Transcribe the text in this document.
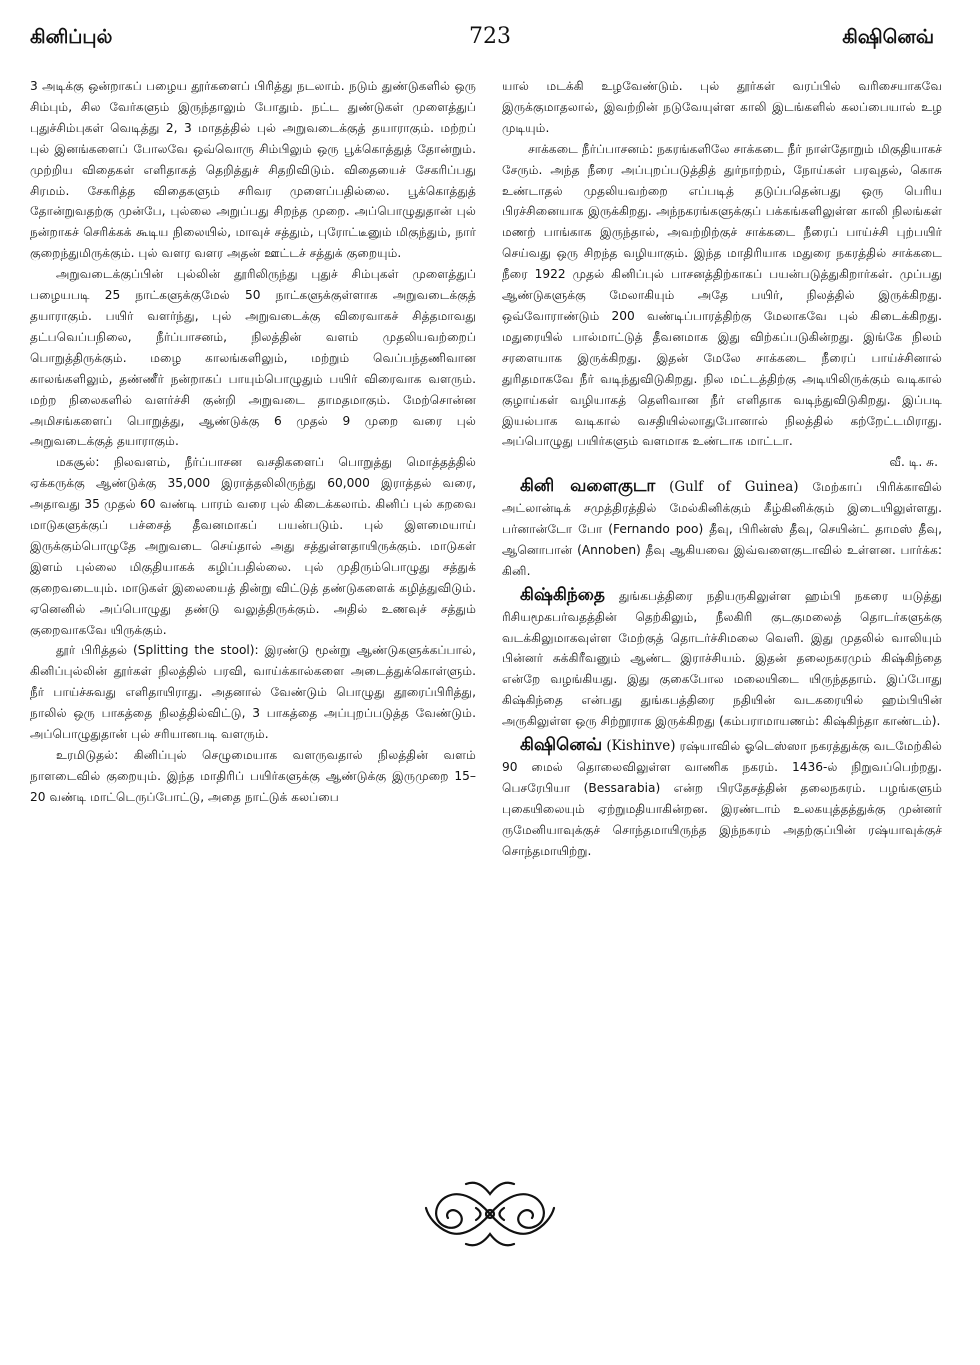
கினிப்புல்	723	கிஷினெவ்

3 அடிக்கு ஒன்றாகப் பழைய தூர்களைப் பிரித்து நடலாம். நடும் துண்டுகளில் ஒரு சிம்பும், சில வேர்களும் இருந்தாலும் போதும். நட்ட துண்டுகள் முளைத்துப் புதுச்சிம்புகள் வெடித்து 2, 3 மாதத்தில் புல் அறுவடைக்குத் தயாராகும். மற்றப் புல் இனங்களைப் போலவே ஒவ்வொரு சிம்பிலும் ஒரு பூக்கொத்துத் தோன்றும். முற்றிய விதைகள் எளிதாகத் தெறித்துச் சிதறிவிடும். விதையைச் சேகரிப்பது சிரமம். சேகரித்த விதைகளும் சரிவர முளைப்பதில்லை. பூக்கொத்துத் தோன்றுவதற்கு முன்பே, புல்லை அறுப்பது சிறந்த முறை. அப்பொழுதுதான் புல் நன்றாகச் செரிக்கக் கூடிய நிலையில், மாவுச் சத்தும், புரோட்டீனும் மிகுந்தும், நார் குறைந்துமிருக்கும். புல் வளர வளர அதன் ஊட்டச் சத்துக் குறையும்.

அறுவடைக்குப்பின் புல்லின் தூரிலிருந்து புதுச் சிம்புகள் முளைத்துப் பழையபடி 25 நாட்களுக்குமேல் 50 நாட்களுக்குள்ளாக அறுவடைக்குத் தயாராகும். பயிர் வளர்ந்து, புல் அறுவடைக்கு விரைவாகச் சித்தமாவது தட்பவெப்பநிலை, நீர்ப்பாசனம், நிலத்தின் வளம் முதலியவற்றைப் பொறுத்திருக்கும். மழை காலங்களிலும், மற்றும் வெப்பந்தணிவான காலங்களிலும், தண்ணீர் நன்றாகப் பாயும்பொழுதும் பயிர் விரைவாக வளரும். மற்ற நிலைகளில் வளர்ச்சி குன்றி அறுவடை தாமதமாகும். மேற்சொன்ன அமிசங்களைப் பொறுத்து, ஆண்டுக்கு 6 முதல் 9 முறை வரை புல் அறுவடைக்குத் தயாராகும்.

மகசூல்: நிலவளம், நீர்ப்பாசன வசதிகளைப் பொறுத்து மொத்தத்தில் ஏக்கருக்கு ஆண்டுக்கு 35,000 இராத்தலிலிருந்து 60,000 இராத்தல் வரை, அதாவது 35 முதல் 60 வண்டி பாரம் வரை புல் கிடைக்கலாம். கினிப் புல் கறவை மாடுகளுக்குப் பச்சைத் தீவனமாகப் பயன்படும். புல் இளமையாய் இருக்கும்பொழுதே அறுவடை செய்தால் அது சத்துள்ளதாயிருக்கும். மாடுகள் இளம் புல்லை மிகுதியாகக் கழிப்பதில்லை. புல் முதிரும்பொழுது சத்துக் குறைவடையும். மாடுகள் இலையைத் தின்று விட்டுத் தண்டுகளைக் கழித்துவிடும். ஏனெனில் அப்பொழுது தண்டு வலுத்திருக்கும். அதில் உணவுச் சத்தும் குறைவாகவே யிருக்கும்.

தூர் பிரித்தல் (Splitting the stool): இரண்டு மூன்று ஆண்டுகளுக்கப்பால், கினிப்புல்லின் தூர்கள் நிலத்தில் பரவி, வாய்க்கால்களை அடைத்துக்கொள்ளும். நீர் பாய்ச்சுவது எளிதாயிராது. அதனால் வேண்டும் பொழுது தூரைப்பிரித்து, நாலில் ஒரு பாகத்தை நிலத்தில்விட்டு, 3 பாகத்தை அப்புறப்படுத்த வேண்டும். அப்பொழுதுதான் புல் சரியானபடி வளரும்.

உரமிடுதல்: கினிப்புல் செழுமையாக வளருவதால் நிலத்தின் வளம் நாளடைவில் குறையும். இந்த மாதிரிப் பயிர்களுக்கு ஆண்டுக்கு இருமுறை 15–20 வண்டி மாட்டெருப்போட்டு, அதை நாட்டுக் கலப்பை

யால் மடக்கி உழவேண்டும். புல் தூர்கள் வரப்பில் வரிசையாகவே இருக்குமாதலால், இவற்றின் நடுவேயுள்ள காலி இடங்களில் கலப்பையால் உழ முடியும்.

சாக்கடை நீர்ப்பாசனம்: நகரங்களிலே சாக்கடை நீர் நாள்தோறும் மிகுதியாகச் சேரும். அந்த நீரை அப்புறப்படுத்தித் துர்நாற்றம், நோய்கள் பரவுதல், கொசு உண்டாதல் முதலியவற்றை எப்படித் தடுப்பதென்பது ஒரு பெரிய பிரச்சினையாக இருக்கிறது. அந்நகரங்களுக்குப் பக்கங்களிலுள்ள காலி நிலங்கள் மணற் பாங்காக இருந்தால், அவற்றிற்குச் சாக்கடை நீரைப் பாய்ச்சி புற்பயிர் செய்வது ஒரு சிறந்த வழியாகும். இந்த மாதிரியாக மதுரை நகரத்தில் சாக்கடை நீரை 1922 முதல் கினிப்புல் பாசனத்திற்காகப் பயன்படுத்துகிறார்கள். முப்பது ஆண்டுகளுக்கு மேலாகியும் அதே பயிர், நிலத்தில் இருக்கிறது. ஒவ்வோராண்டும் 200 வண்டிப்பாரத்திற்கு மேலாகவே புல் கிடைக்கிறது. மதுரையில் பால்மாட்டுத் தீவனமாக இது விற்கப்படுகின்றது. இங்கே நிலம் சரளையாக இருக்கிறது. இதன் மேலே சாக்கடை நீரைப் பாய்ச்சினால் துரிதமாகவே நீர் வடிந்துவிடுகிறது. நில மட்டத்திற்கு அடியிலிருக்கும் வடிகால் குழாய்கள் வழியாகத் தெளிவான நீர் எளிதாக வடிந்துவிடுகிறது. இப்படி இயல்பாக வடிகால் வசதியில்லாதுபோனால் நிலத்தில் கற்றேட்டமிராது. அப்பொழுது பயிர்களும் வளமாக உண்டாக மாட்டா.

வீ. டி. சு.

கினி வளைகுடா (Gulf of Guinea) மேற்காப் பிரிக்காவில் அட்லான்டிக் சமுத்திரத்தில் மேல்கினிக்கும் கீழ்கினிக்கும் இடையிலுள்ளது. பர்னான்டோ போ (Fernando poo) தீவு, பிரின்ஸ் தீவு, செயின்ட் தாமஸ் தீவு, ஆனொபான் (Annoben) தீவு ஆகியவை இவ்வளைகுடாவில் உள்ளன. பார்க்க: கினி.

கிஷ்கிந்தை துங்கபத்திரை நதியருகிலுள்ள ஹம்பி நகரை யடுத்து ரிசியமூகபர்வதத்தின் தெற்கிலும், நீலகிரி குடகுமலைத் தொடர்களுக்கு வடக்கிலுமாகவுள்ள மேற்குத் தொடர்ச்சிமலை வெளி. இது முதலில் வாலியும் பின்னர் சுக்கிரீவனும் ஆண்ட இராச்சியம். இதன் தலைநகரமும் கிஷ்கிந்தை என்றே வழங்கியது. இது குகைபோல மலையிடை யிருந்ததாம். இப்போது கிஷ்கிந்தை என்பது துங்கபத்திரை நதியின் வடகரையில் ஹம்பியின் அருகிலுள்ள ஒரு சிற்றூராக இருக்கிறது (கம்பராமாயணம்: கிஷ்கிந்தா காண்டம்).

கிஷினெவ் (Kishinve) ரஷ்யாவில் ஓடெஸ்ஸா நகரத்துக்கு வடமேற்கில் 90 மைல் தொலைவிலுள்ள வாணிக நகரம். 1436-ல் நிறுவப்பெற்றது. பெசரேபியா (Bessarabia) என்ற பிரதேசத்தின் தலைநகரம். பழங்களும் புகையிலையும் ஏற்றுமதியாகின்றன. இரண்டாம் உலகயுத்தத்துக்கு முன்னர் ருமேனியாவுக்குச் சொந்தமாயிருந்த இந்நகரம் அதற்குப்பின் ரஷ்யாவுக்குச் சொந்தமாயிற்று.
